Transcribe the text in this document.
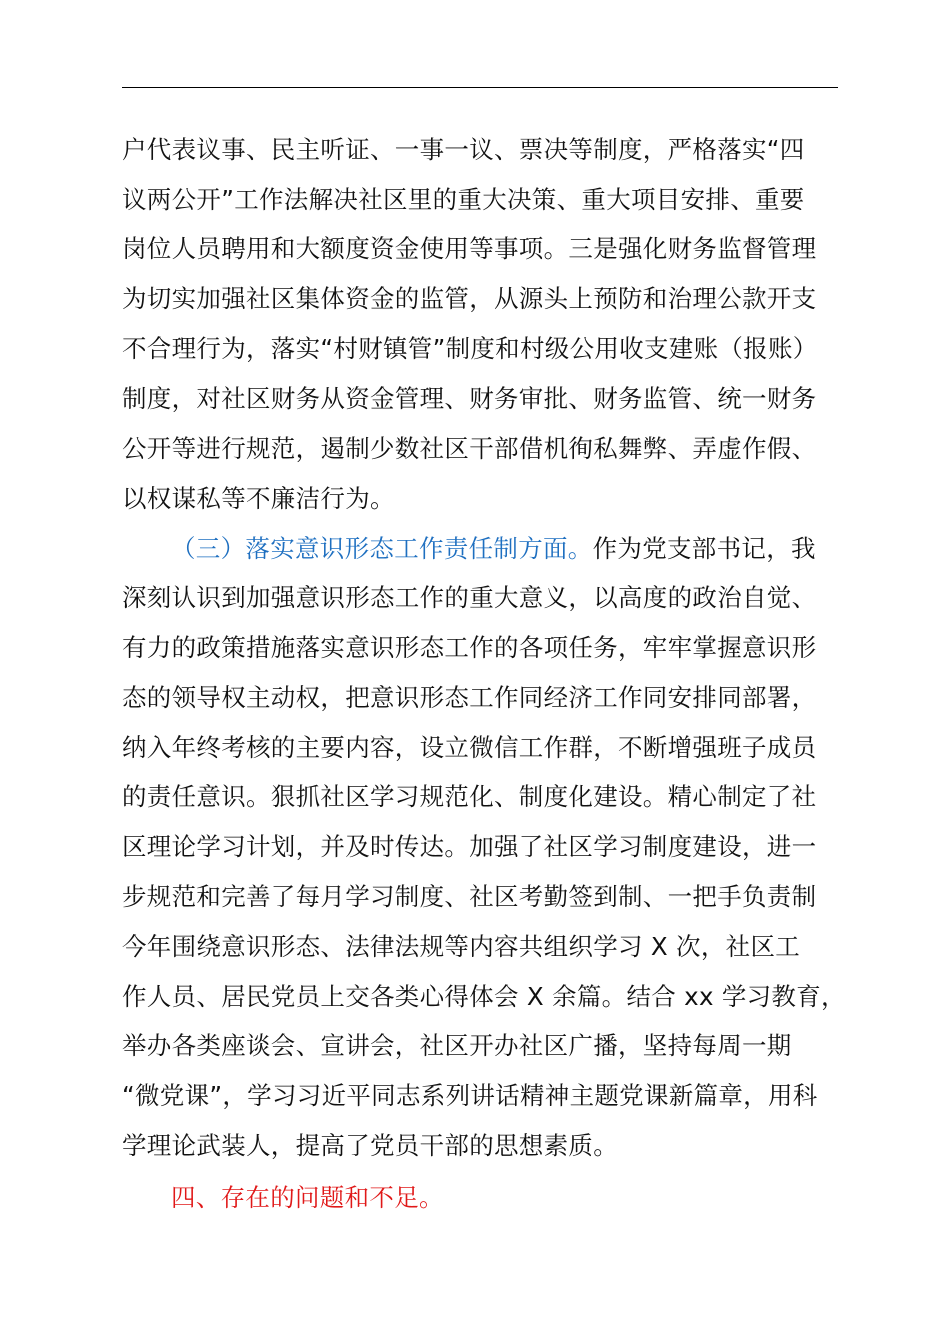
户代表议事、民主听证、一事一议、票决等制度，严格落实“四
议两公开”工作法解决社区里的重大决策、重大项目安排、重要
岗位人员聘用和大额度资金使用等事项。三是强化财务监督管理
为切实加强社区集体资金的监管，从源头上预防和治理公款开支
不合理行为，落实“村财镇管”制度和村级公用收支建账（报账）
制度，对社区财务从资金管理、财务审批、财务监管、统一财务
公开等进行规范，遏制少数社区干部借机徇私舞弊、弄虚作假、
以权谋私等不廉洁行为。
（三）落实意识形态工作责任制方面。作为党支部书记，我
深刻认识到加强意识形态工作的重大意义，以高度的政治自觉、
有力的政策措施落实意识形态工作的各项任务，牢牢掌握意识形
态的领导权主动权，把意识形态工作同经济工作同安排同部署，
纳入年终考核的主要内容，设立微信工作群，不断增强班子成员
的责任意识。狠抓社区学习规范化、制度化建设。精心制定了社
区理论学习计划，并及时传达。加强了社区学习制度建设，进一
步规范和完善了每月学习制度、社区考勤签到制、一把手负责制
今年围绕意识形态、法律法规等内容共组织学习 X 次，社区工
作人员、居民党员上交各类心得体会 X 余篇。结合 xx 学习教育，
举办各类座谈会、宣讲会，社区开办社区广播，坚持每周一期
“微党课”，学习习近平同志系列讲话精神主题党课新篇章，用科
学理论武装人，提高了党员干部的思想素质。
四、存在的问题和不足。
